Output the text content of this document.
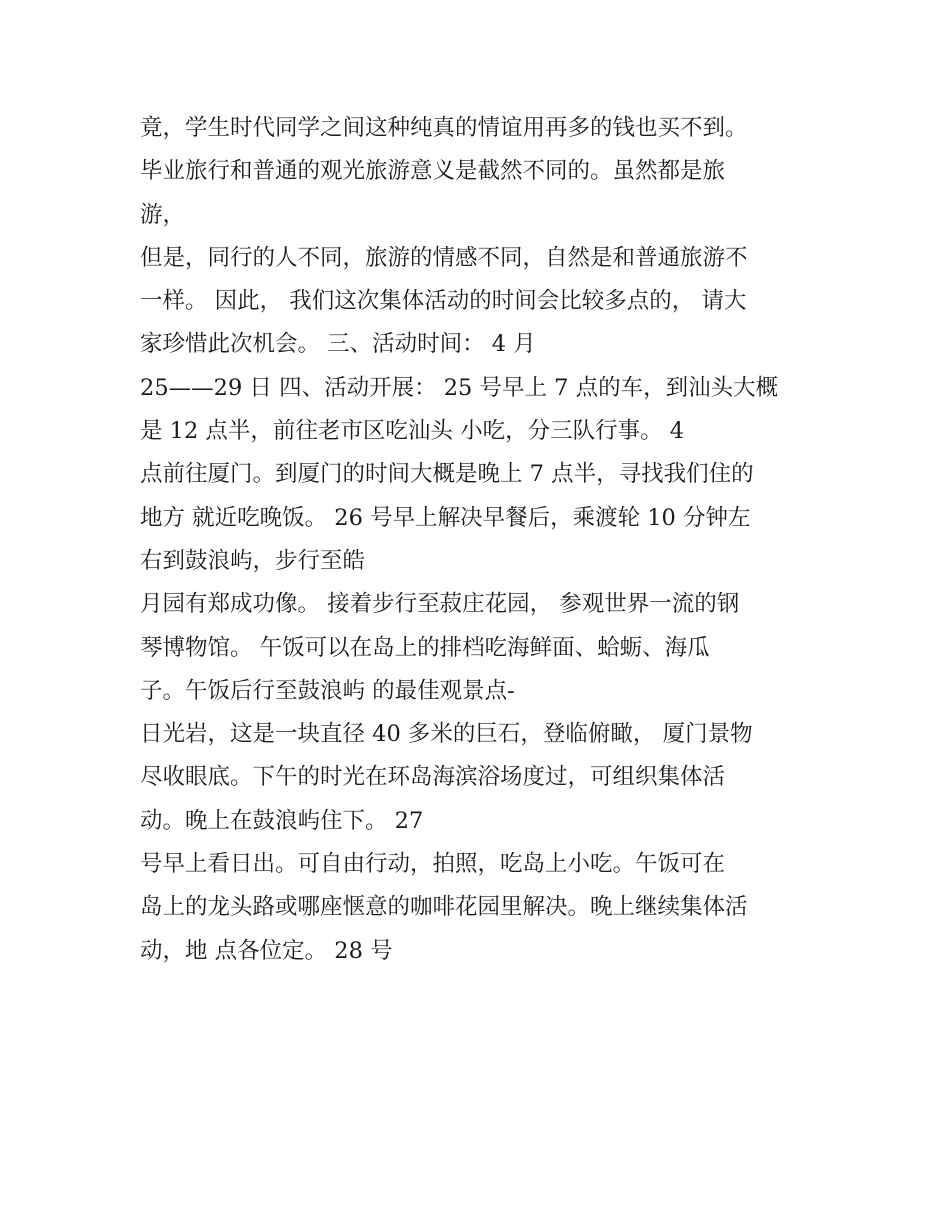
竟，学生时代同学之间这种纯真的情谊用再多的钱也买不到。
毕业旅行和普通的观光旅游意义是截然不同的。虽然都是旅
游，
但是，同行的人不同，旅游的情感不同，自然是和普通旅游不
一样。 因此， 我们这次集体活动的时间会比较多点的， 请大
家珍惜此次机会。 三、活动时间： 4 月
25——29 日 四、活动开展： 25 号早上 7 点的车，到汕头大概
是 12 点半，前往老市区吃汕头 小吃，分三队行事。 4
点前往厦门。到厦门的时间大概是晚上 7 点半，寻找我们住的
地方 就近吃晚饭。 26 号早上解决早餐后，乘渡轮 10 分钟左
右到鼓浪屿，步行至皓
月园有郑成功像。 接着步行至菽庄花园， 参观世界一流的钢
琴博物馆。 午饭可以在岛上的排档吃海鲜面、蛤蛎、海瓜
子。午饭后行至鼓浪屿 的最佳观景点-
日光岩，这是一块直径 40 多米的巨石，登临俯瞰， 厦门景物
尽收眼底。下午的时光在环岛海滨浴场度过，可组织集体活
动。晚上在鼓浪屿住下。 27
号早上看日出。可自由行动，拍照，吃岛上小吃。午饭可在
岛上的龙头路或哪座惬意的咖啡花园里解决。晚上继续集体活
动，地 点各位定。 28 号
